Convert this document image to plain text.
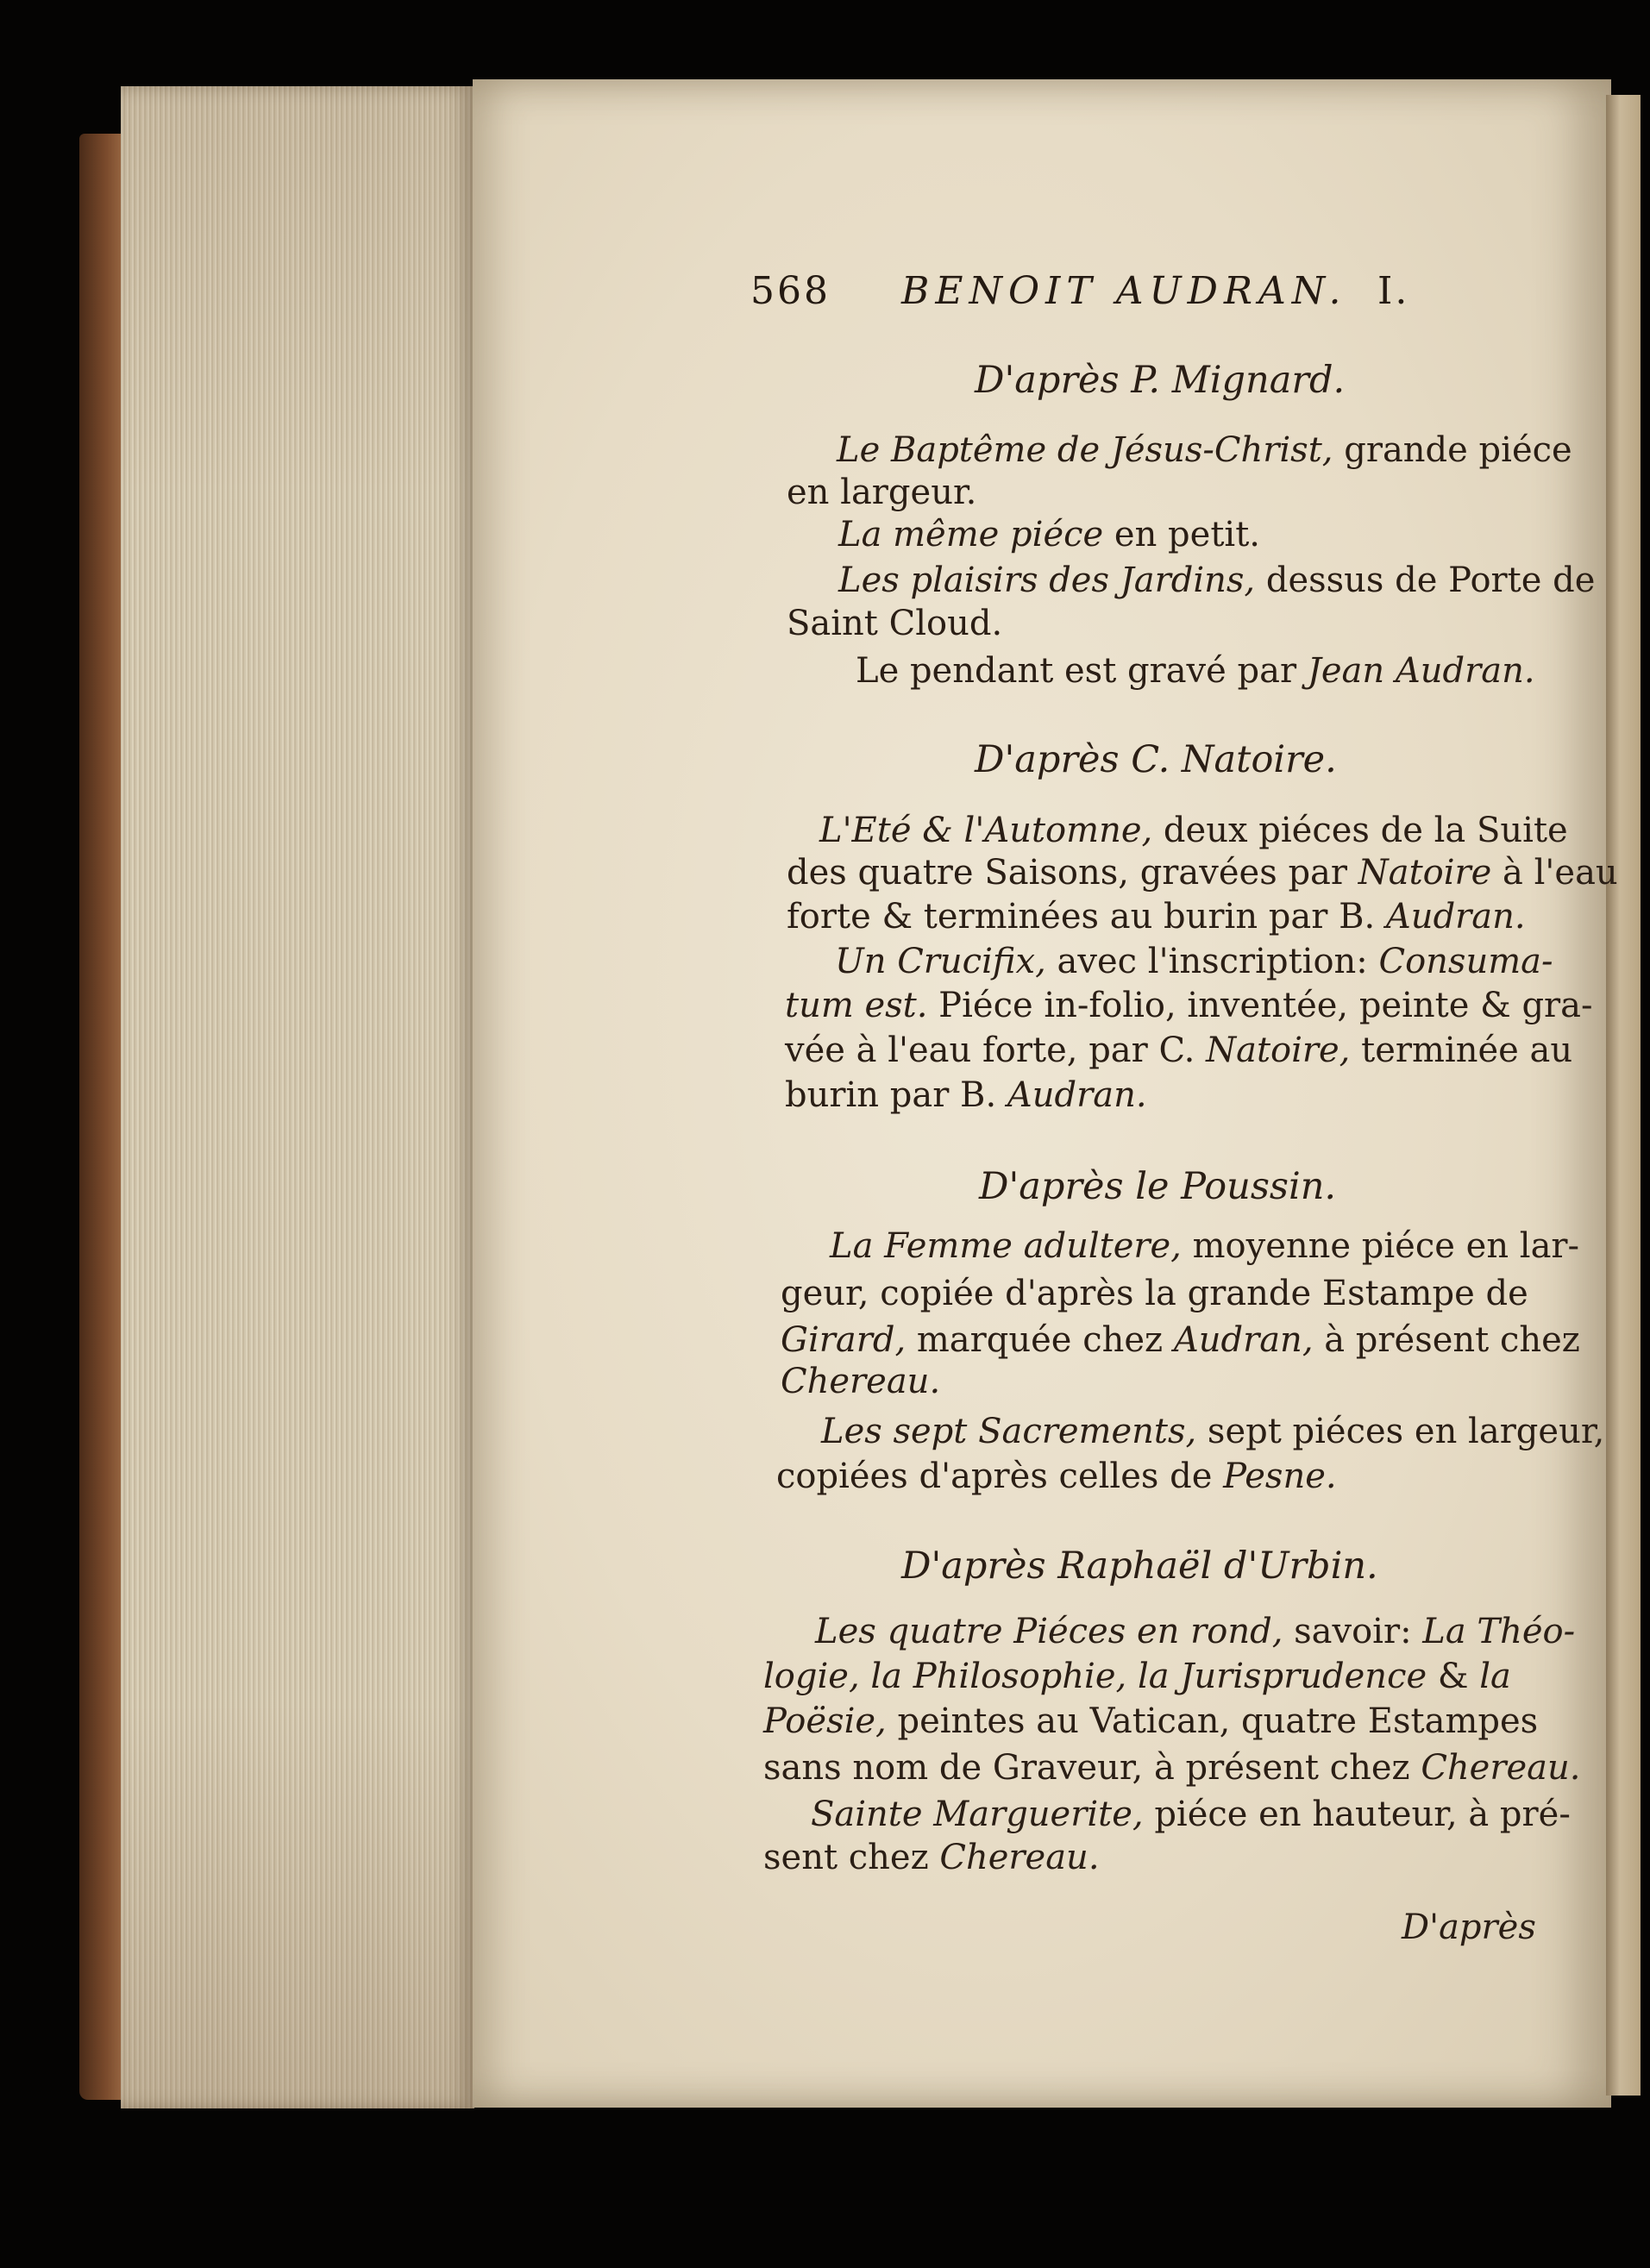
568 BENOIT AUDRAN. I.
D'après P. Mignard.
Le Baptême de Jésus-Christ, grande piéce
en largeur.
La même piéce en petit.
Les plaisirs des Jardins, dessus de Porte de
Saint Cloud.
Le pendant est gravé par Jean Audran.
D'après C. Natoire.
L'Eté & l'Automne, deux piéces de la Suite
des quatre Saisons, gravées par Natoire à l'eau
forte & terminées au burin par B. Audran.
Un Crucifix, avec l'inscription: Consuma-
tum est. Piéce in-folio, inventée, peinte & gra-
vée à l'eau forte, par C. Natoire, terminée au
burin par B. Audran.
D'après le Poussin.
La Femme adultere, moyenne piéce en lar-
geur, copiée d'après la grande Estampe de
Girard, marquée chez Audran, à présent chez
Chereau.
Les sept Sacrements, sept piéces en largeur,
copiées d'après celles de Pesne.
D'après Raphaël d'Urbin.
Les quatre Piéces en rond, savoir: La Théo-
logie, la Philosophie, la Jurisprudence & la
Poësie, peintes au Vatican, quatre Estampes
sans nom de Graveur, à présent chez Chereau.
Sainte Marguerite, piéce en hauteur, à pré-
sent chez Chereau.
D'après
